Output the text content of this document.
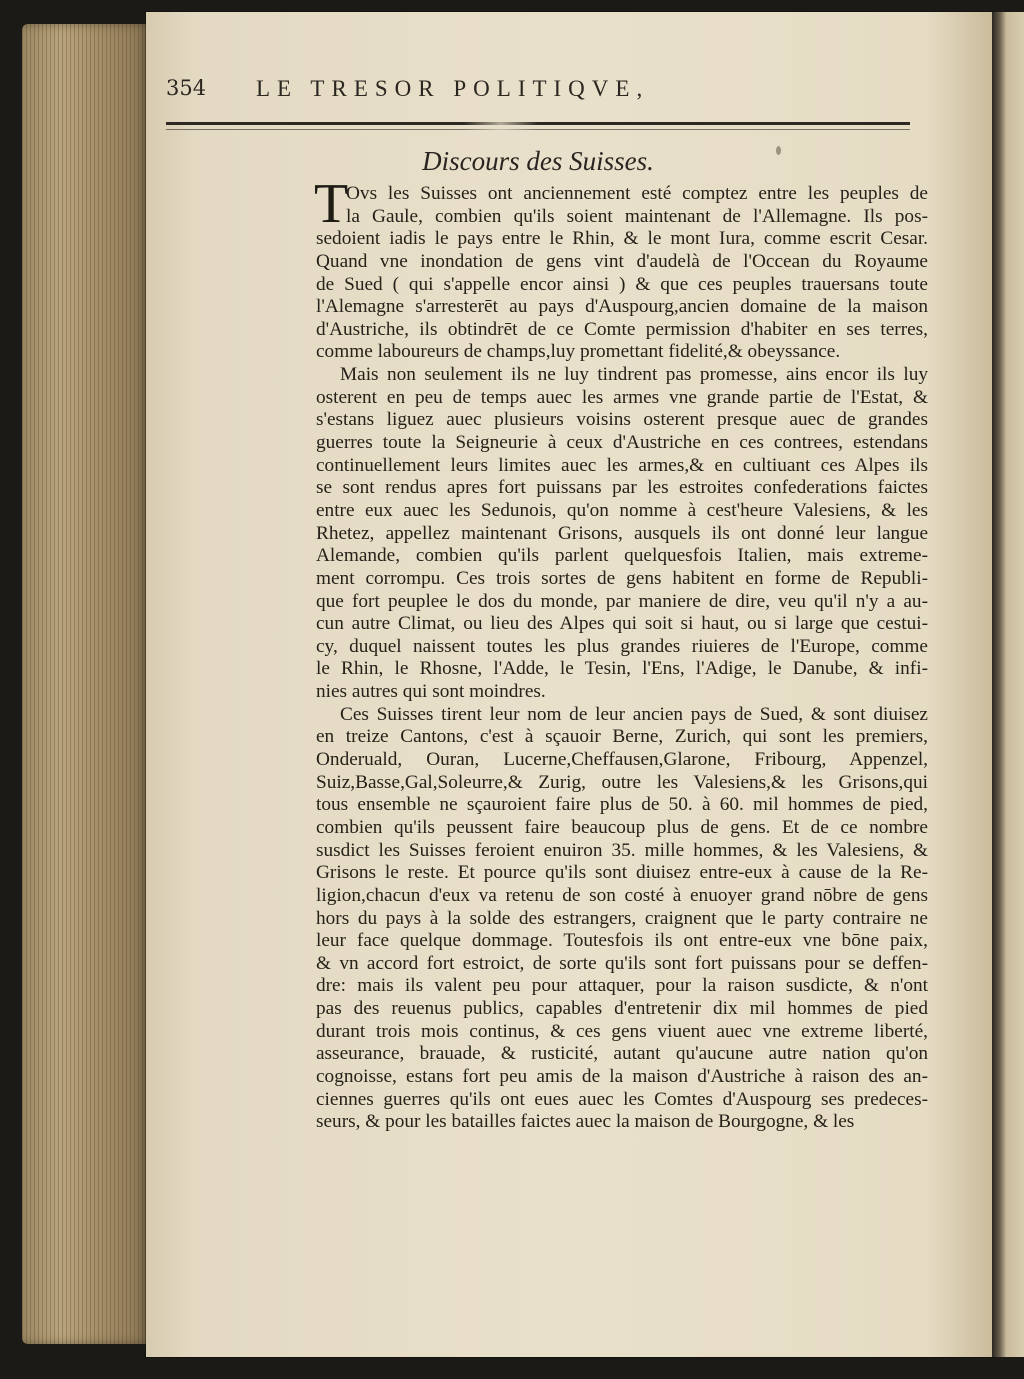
354 LE TRESOR POLITIQVE,
Discours des Suisses.
T
Ovs les Suisses ont anciennement esté comptez entre les peuples de
la Gaule, combien qu'ils soient maintenant de l'Allemagne. Ils pos-
sedoient iadis le pays entre le Rhin, & le mont Iura, comme escrit Cesar.
Quand vne inondation de gens vint d'audelà de l'Occean du Royaume
de Sued ( qui s'appelle encor ainsi ) & que ces peuples trauersans toute
l'Alemagne s'arresterēt au pays d'Auspourg,ancien domaine de la maison
d'Austriche, ils obtindrēt de ce Comte permission d'habiter en ses terres,
comme laboureurs de champs,luy promettant fidelité,& obeyssance.
Mais non seulement ils ne luy tindrent pas promesse, ains encor ils luy
osterent en peu de temps auec les armes vne grande partie de l'Estat, &
s'estans liguez auec plusieurs voisins osterent presque auec de grandes
guerres toute la Seigneurie à ceux d'Austriche en ces contrees, estendans
continuellement leurs limites auec les armes,& en cultiuant ces Alpes ils
se sont rendus apres fort puissans par les estroites confederations faictes
entre eux auec les Sedunois, qu'on nomme à cest'heure Valesiens, & les
Rhetez, appellez maintenant Grisons, ausquels ils ont donné leur langue
Alemande, combien qu'ils parlent quelquesfois Italien, mais extreme-
ment corrompu. Ces trois sortes de gens habitent en forme de Republi-
que fort peuplee le dos du monde, par maniere de dire, veu qu'il n'y a au-
cun autre Climat, ou lieu des Alpes qui soit si haut, ou si large que cestui-
cy, duquel naissent toutes les plus grandes riuieres de l'Europe, comme
le Rhin, le Rhosne, l'Adde, le Tesin, l'Ens, l'Adige, le Danube, & infi-
nies autres qui sont moindres.
Ces Suisses tirent leur nom de leur ancien pays de Sued, & sont diuisez
en treize Cantons, c'est à sçauoir Berne, Zurich, qui sont les premiers,
Onderuald, Ouran, Lucerne,Cheffausen,Glarone, Fribourg, Appenzel,
Suiz,Basse,Gal,Soleurre,& Zurig, outre les Valesiens,& les Grisons,qui
tous ensemble ne sçauroient faire plus de 50. à 60. mil hommes de pied,
combien qu'ils peussent faire beaucoup plus de gens. Et de ce nombre
susdict les Suisses feroient enuiron 35. mille hommes, & les Valesiens, &
Grisons le reste. Et pource qu'ils sont diuisez entre-eux à cause de la Re-
ligion,chacun d'eux va retenu de son costé à enuoyer grand nōbre de gens
hors du pays à la solde des estrangers, craignent que le party contraire ne
leur face quelque dommage. Toutesfois ils ont entre-eux vne bōne paix,
& vn accord fort estroict, de sorte qu'ils sont fort puissans pour se deffen-
dre: mais ils valent peu pour attaquer, pour la raison susdicte, & n'ont
pas des reuenus publics, capables d'entretenir dix mil hommes de pied
durant trois mois continus, & ces gens viuent auec vne extreme liberté,
asseurance, brauade, & rusticité, autant qu'aucune autre nation qu'on
cognoisse, estans fort peu amis de la maison d'Austriche à raison des an-
ciennes guerres qu'ils ont eues auec les Comtes d'Auspourg ses predeces-
seurs, & pour les batailles faictes auec la maison de Bourgogne, & les
